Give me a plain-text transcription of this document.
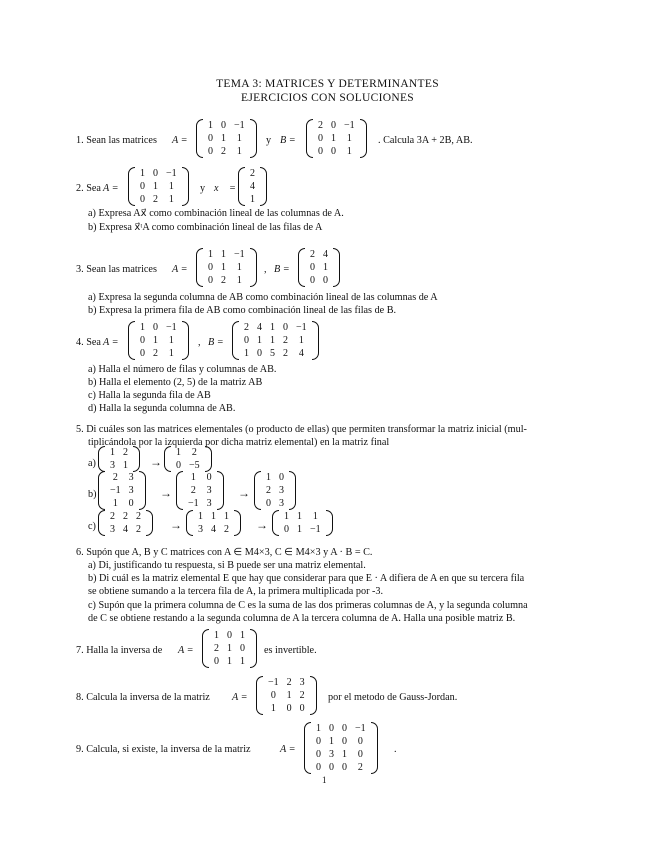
TEMA 3: MATRICES Y DETERMINANTES
EJERCICIOS CON SOLUCIONES
1. Sean las matrices A =
1	0	−1
0	1	1
0	2	1
y B =
2	0	−1
0	1	1
0	0	1
. Calcula 3A + 2B, AB.
2. Sea A =
1	0	−1
0	1	1
0	2	1
y x⃗ =
2
4
1
a) Expresa Ax⃗ como combinación lineal de las columnas de A.
b) Expresa x⃗ᵗA como combinación lineal de las filas de A
3. Sean las matrices A =
1	1	−1
0	1	1
0	2	1
, B =
2	4
0	1
0	0
a) Expresa la segunda columna de AB como combinación lineal de las columnas de A
b) Expresa la primera fila de AB como combinación lineal de las filas de B.
4. Sea A =
1	0	−1
0	1	1
0	2	1
, B =
2	4	1	0	−1
0	1	1	2	1
1	0	5	2	4
a) Halla el número de filas y columnas de AB.
b) Halla el elemento (2, 5) de la matriz AB
c) Halla la segunda fila de AB
d) Halla la segunda columna de AB.
5. Di cuáles son las matrices elementales (o producto de ellas) que permiten transformar la matriz inicial (mul-
tiplicándola por la izquierda por dicha matriz elemental) en la matriz final
a)
1	2
3	1 →
1	2
0	−5
b)
2	3
−1	3
1	0
→
1	0
2	3
−1	3
→
1	0
2	3
0	3
c)
2	2	2
3	4	2 →
1	1	1
3	4	2 →
1	1	1
0	1	−1
6. Supón que A, B y C matrices con A ∈ M4×3, C ∈ M4×3 y A · B = C.
a) Di, justificando tu respuesta, si B puede ser una matriz elemental.
b) Di cuál es la matriz elemental E que hay que considerar para que E · A difiera de A en que su tercera fila
se obtiene sumando a la tercera fila de A, la primera multiplicada por -3.
c) Supón que la primera columna de C es la suma de las dos primeras columnas de A, y la segunda columna
de C se obtiene restando a la segunda columna de A la tercera columna de A. Halla una posible matriz B.
7. Halla la inversa de A =
1	0	1
2	1	0
0	1	1
es invertible.
8. Calcula la inversa de la matriz A =
−1	2	3
0	1	2
1	0	0
por el metodo de Gauss-Jordan.
9. Calcula, si existe, la inversa de la matriz	A =
1	0	0	−1
0	1	0	0
0	3	1	0
0	0	0	2
.
1
